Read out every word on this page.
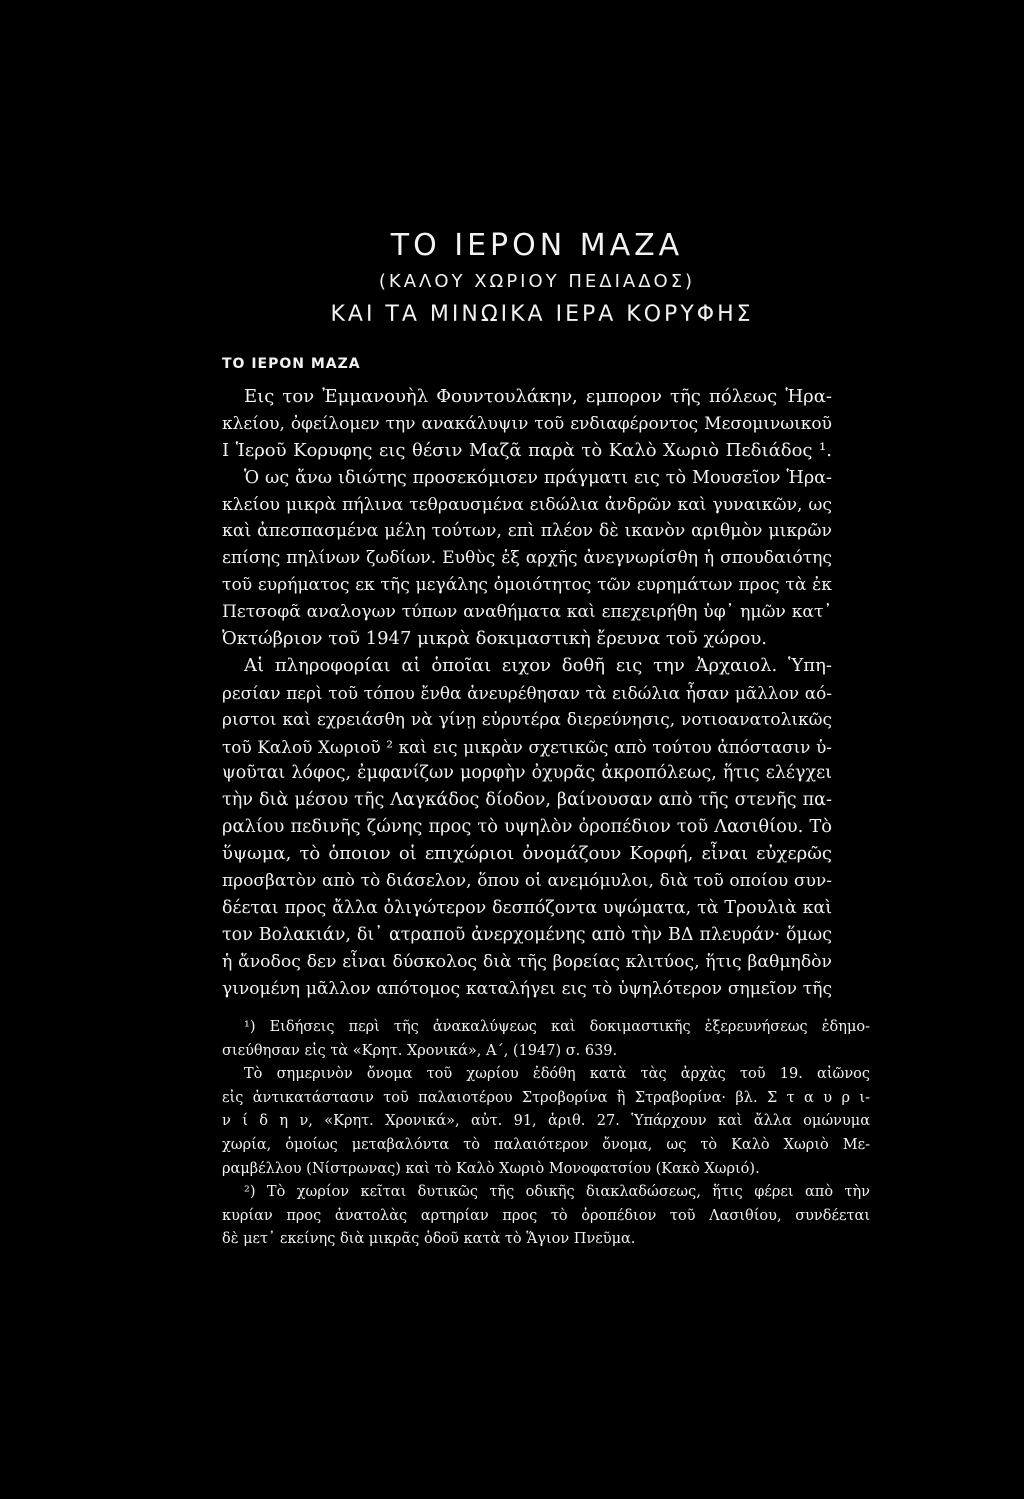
ΤΟ ΙΕΡΟΝ ΜΑΖΑ
(ΚΑΛΟΥ ΧΩΡΙΟΥ ΠΕΔΙΑΔΟΣ)
ΚΑΙ ΤΑ ΜΙΝΩΙΚΑ ΙΕΡΑ ΚΟΡΥΦΗΣ
ΤΟ ΙΕΡΟΝ ΜΑΖΑ
Εις τον Ἐμμανουὴλ Φουντουλάκην, εμπορον τῆς πόλεως Ἡρα-
κλείου, ὀφείλομεν την ανακάλυψιν τοῦ ενδιαφέροντος Μεσομινωικοῦ
Ι Ἱεροῦ Κορυφης εις θέσιν Μαζᾶ παρὰ τὸ Καλὸ Χωριὸ Πεδιάδος ¹.
Ὁ ως ἄνω ιδιώτης προσεκόμισεν πράγματι εις τὸ Μουσεῖον Ἡρα-
κλείου μικρὰ πήλινα τεθραυσμένα ειδώλια ἀνδρῶν καὶ γυναικῶν, ως
καὶ ἀπεσπασμένα μέλη τούτων, επὶ πλέον δὲ ικανὸν αριθμὸν μικρῶν
επίσης πηλίνων ζωδίων. Ευθὺς ἐξ αρχῆς ἀνεγνωρίσθη ἡ σπουδαιότης
τοῦ ευρήματος εκ τῆς μεγάλης ὁμοιότητος τῶν ευρημάτων προς τὰ ἐκ
Πετσοφᾶ αναλογων τύπων αναθήματα καὶ επεχειρήθη ὑφ᾽ ημῶν κατ᾽
Ὀκτώβριον τοῦ 1947 μικρὰ δοκιμαστικὴ ἔρευνα τοῦ χώρου.
Αἱ πληροφορίαι αἱ ὁποῖαι ειχον δοθῆ εις την Ἀρχαιολ. Ὑπη-
ρεσίαν περὶ τοῦ τόπου ἔνθα ἀνευρέθησαν τὰ ειδώλια ἦσαν μᾶλλον αό-
ριστοι καὶ εχρειάσθη νὰ γίνῃ εὐρυτέρα διερεύνησις, νοτιοανατολικῶς
τοῦ Καλοῦ Χωριοῦ ² καὶ εις μικρὰν σχετικῶς απὸ τούτου ἀπόστασιν ὑ-
ψοῦται λόφος, ἐμφανίζων μορφὴν ὀχυρᾶς ἀκροπόλεως, ἥτις ελέγχει
τὴν διὰ μέσου τῆς Λαγκάδος δίοδον, βαίνουσαν απὸ τῆς στενῆς πα-
ραλίου πεδινῆς ζώνης προς τὸ υψηλὸν ὀροπέδιον τοῦ Λασιθίου. Τὸ
ὕψωμα, τὸ ὁποιον οἱ επιχώριοι ὀνομάζουν Κορφή, εἶναι εὐχερῶς
προσβατὸν απὸ τὸ διάσελον, ὅπου οἱ ανεμόμυλοι, διὰ τοῦ οποίου συν-
δέεται προς ἄλλα ὀλιγώτερον δεσπόζοντα υψώματα, τὰ Τρουλιὰ καὶ
τον Βολακιάν, δι᾽ ατραποῦ ἀνερχομένης απὸ τὴν ΒΔ πλευράν· ὅμως
ἡ ἄνοδος δεν εἶναι δύσκολος διὰ τῆς βορείας κλιτύος, ἥτις βαθμηδὸν
γινομένη μᾶλλον απότομος καταλήγει εις τὸ ὑψηλότερον σημεῖον τῆς
¹) Ειδήσεις περὶ τῆς ἀνακαλύψεως καὶ δοκιμαστικῆς ἐξερευνήσεως ἐδημο-
σιεύθησαν εἰς τὰ «Κρητ. Χρονικά», Α΄, (1947) σ. 639.
Τὸ σημερινὸν ὄνομα τοῦ χωρίου ἐδόθη κατὰ τὰς ἀρχὰς τοῦ 19. αἰῶνος
εἰς ἀντικατάστασιν τοῦ παλαιοτέρου Στροβορίνα ἢ Στραβορίνα· βλ. Σ τ α υ ρ ι-
ν ί δ η ν, «Κρητ. Χρονικά», αὐτ. 91, ἀριθ. 27. Ὑπάρχουν καὶ ἄλλα ομώνυμα
χωρία, ὁμοίως μεταβαλόντα τὸ παλαιότερον ὄνομα, ως τὸ Καλὸ Χωριὸ Με-
ραμβέλλου (Νίστρωνας) καὶ τὸ Καλὸ Χωριὸ Μονοφατσίου (Κακὸ Χωριό).
²) Τὸ χωρίον κεῖται δυτικῶς τῆς οδικῆς διακλαδώσεως, ἥτις φέρει απὸ τὴν
κυρίαν προς ἀνατολὰς αρτηρίαν προς τὸ ὀροπέδιον τοῦ Λασιθίου, συνδέεται
δὲ μετ᾽ εκείνης διὰ μικρᾶς ὁδοῦ κατὰ τὸ Ἅγιον Πνεῦμα.
